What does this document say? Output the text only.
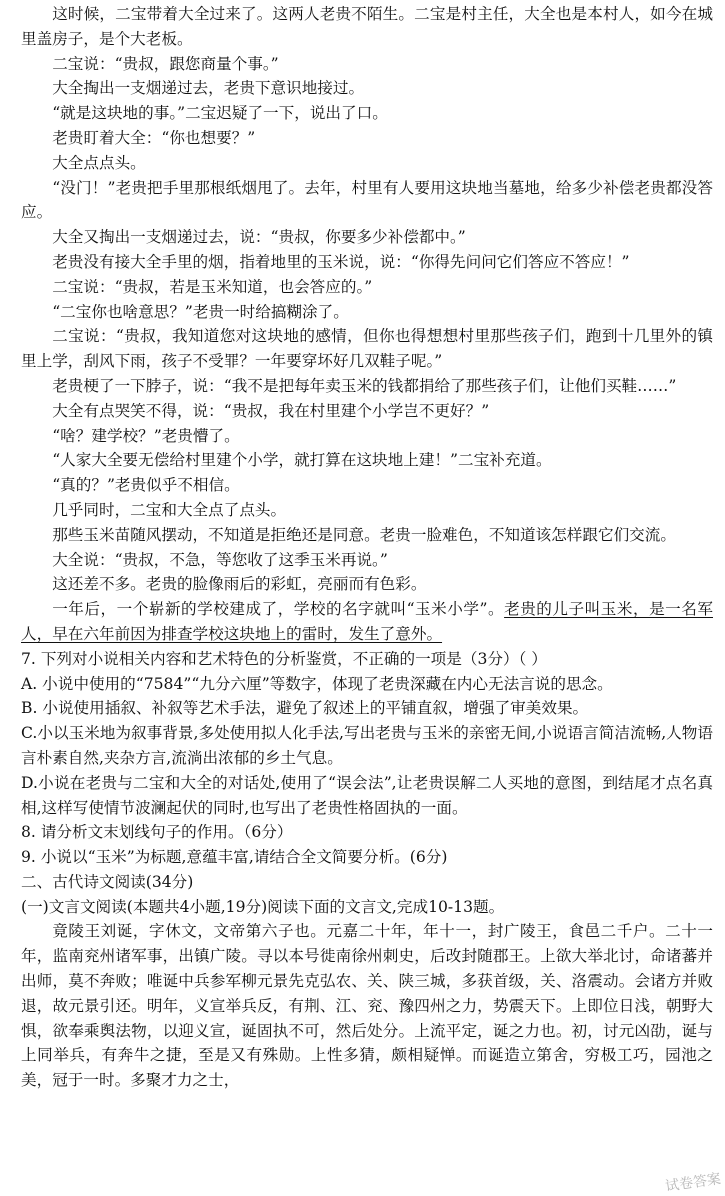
这时候，二宝带着大全过来了。这两人老贵不陌生。二宝是村主任，大全也是本村人，如今在城里盖房子，是个大老板。

二宝说：“贵叔，跟您商量个事。”

大全掏出一支烟递过去，老贵下意识地接过。

“就是这块地的事。”二宝迟疑了一下，说出了口。

老贵盯着大全：“你也想要？”

大全点点头。

“没门！”老贵把手里那根纸烟甩了。去年，村里有人要用这块地当墓地，给多少补偿老贵都没答应。

大全又掏出一支烟递过去，说：“贵叔，你要多少补偿都中。”

老贵没有接大全手里的烟，指着地里的玉米说，说：“你得先问问它们答应不答应！”

二宝说：“贵叔，若是玉米知道，也会答应的。”

“二宝你也啥意思？”老贵一时给搞糊涂了。

二宝说：“贵叔，我知道您对这块地的感情，但你也得想想村里那些孩子们，跑到十几里外的镇里上学，刮风下雨，孩子不受罪？一年要穿坏好几双鞋子呢。”

老贵梗了一下脖子，说：“我不是把每年卖玉米的钱都捐给了那些孩子们，让他们买鞋……”

大全有点哭笑不得，说：“贵叔，我在村里建个小学岂不更好？”

“啥？建学校？”老贵懵了。

“人家大全要无偿给村里建个小学，就打算在这块地上建！”二宝补充道。

“真的？”老贵似乎不相信。

几乎同时，二宝和大全点了点头。

那些玉米苗随风摆动，不知道是拒绝还是同意。老贵一脸难色，不知道该怎样跟它们交流。

大全说：“贵叔，不急，等您收了这季玉米再说。”

这还差不多。老贵的脸像雨后的彩虹，亮丽而有色彩。

一年后，一个崭新的学校建成了，学校的名字就叫“玉米小学”。老贵的儿子叫玉米，是一名军人，早在六年前因为排查学校这块地上的雷时，发生了意外。

7. 下列对小说相关内容和艺术特色的分析鉴赏，不正确的一项是（3分）（ ）

A. 小说中使用的“7584”“九分六厘”等数字，体现了老贵深藏在内心无法言说的思念。

B. 小说使用插叙、补叙等艺术手法，避免了叙述上的平铺直叙，增强了审美效果。

C.小以玉米地为叙事背景,多处使用拟人化手法,写出老贵与玉米的亲密无间,小说语言简洁流畅,人物语言朴素自然,夹杂方言,流淌出浓郁的乡土气息。

D.小说在老贵与二宝和大全的对话处,使用了“误会法”,让老贵误解二人买地的意图，到结尾才点名真相,这样写使情节波澜起伏的同时,也写出了老贵性格固执的一面。

8. 请分析文末划线句子的作用。（6分）

9. 小说以“玉米”为标题,意蕴丰富,请结合全文简要分析。(6分)

二、古代诗文阅读(34分)

(一)文言文阅读(本题共4小题,19分)阅读下面的文言文,完成10-13题。

竟陵王刘诞，字休文，文帝第六子也。元嘉二十年，年十一，封广陵王，食邑二千户。二十一年，监南兖州诸军事，出镇广陵。寻以本号徙南徐州刺史，后改封随郡王。上欲大举北讨，命诸蕃并出师，莫不奔败；唯诞中兵参军柳元景先克弘农、关、陕三城，多获首级，关、洛震动。会诸方并败退，故元景引还。明年，义宣举兵反，有荆、江、兖、豫四州之力，势震天下。上即位日浅，朝野大惧，欲奉乘舆法物，以迎义宣，诞固执不可，然后处分。上流平定，诞之力也。初，讨元凶劭，诞与上同举兵，有奔牛之捷，至是又有殊勋。上性多猜，颇相疑惮。而诞造立第舍，穷极工巧，园池之美，冠于一时。多聚才力之士，

试卷答案
